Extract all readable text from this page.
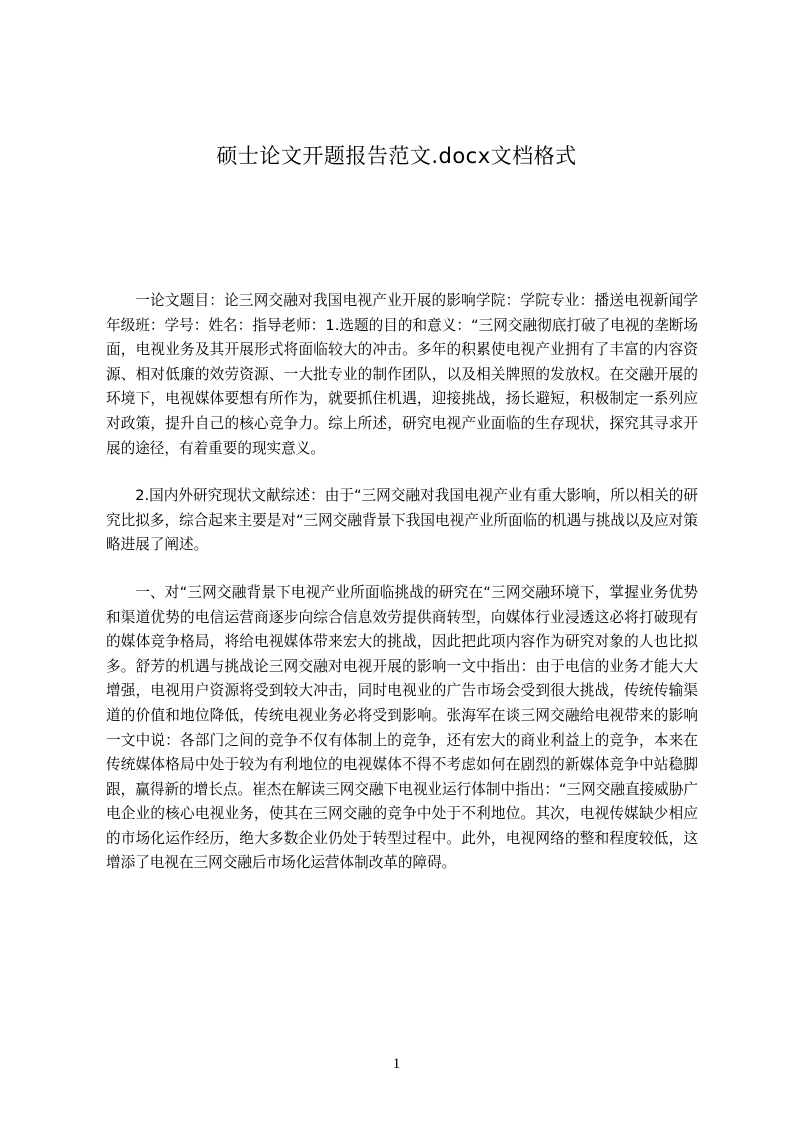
硕士论文开题报告范文.docx文档格式

一论文题目：论三网交融对我国电视产业开展的影响学院：学院专业：播送电视新闻学年级班：学号：姓名：指导老师：1.选题的目的和意义：“三网交融彻底打破了电视的垄断场面，电视业务及其开展形式将面临较大的冲击。多年的积累使电视产业拥有了丰富的内容资源、相对低廉的效劳资源、一大批专业的制作团队，以及相关牌照的发放权。在交融开展的环境下，电视媒体要想有所作为，就要抓住机遇，迎接挑战，扬长避短，积极制定一系列应对政策，提升自己的核心竞争力。综上所述，研究电视产业面临的生存现状，探究其寻求开展的途径，有着重要的现实意义。

2.国内外研究现状文献综述：由于“三网交融对我国电视产业有重大影响，所以相关的研究比拟多，综合起来主要是对“三网交融背景下我国电视产业所面临的机遇与挑战以及应对策略进展了阐述。

一、对“三网交融背景下电视产业所面临挑战的研究在“三网交融环境下，掌握业务优势和渠道优势的电信运营商逐步向综合信息效劳提供商转型，向媒体行业浸透这必将打破现有的媒体竞争格局，将给电视媒体带来宏大的挑战，因此把此项内容作为研究对象的人也比拟多。舒芳的机遇与挑战论三网交融对电视开展的影响一文中指出：由于电信的业务才能大大增强，电视用户资源将受到较大冲击，同时电视业的广告市场会受到很大挑战，传统传输渠道的价值和地位降低，传统电视业务必将受到影响。张海军在谈三网交融给电视带来的影响一文中说：各部门之间的竞争不仅有体制上的竞争，还有宏大的商业利益上的竞争，本来在传统媒体格局中处于较为有利地位的电视媒体不得不考虑如何在剧烈的新媒体竞争中站稳脚跟，赢得新的增长点。崔杰在解读三网交融下电视业运行体制中指出：“三网交融直接威胁广电企业的核心电视业务，使其在三网交融的竞争中处于不利地位。其次，电视传媒缺少相应的市场化运作经历，绝大多数企业仍处于转型过程中。此外，电视网络的整和程度较低，这增添了电视在三网交融后市场化运营体制改革的障碍。

1
